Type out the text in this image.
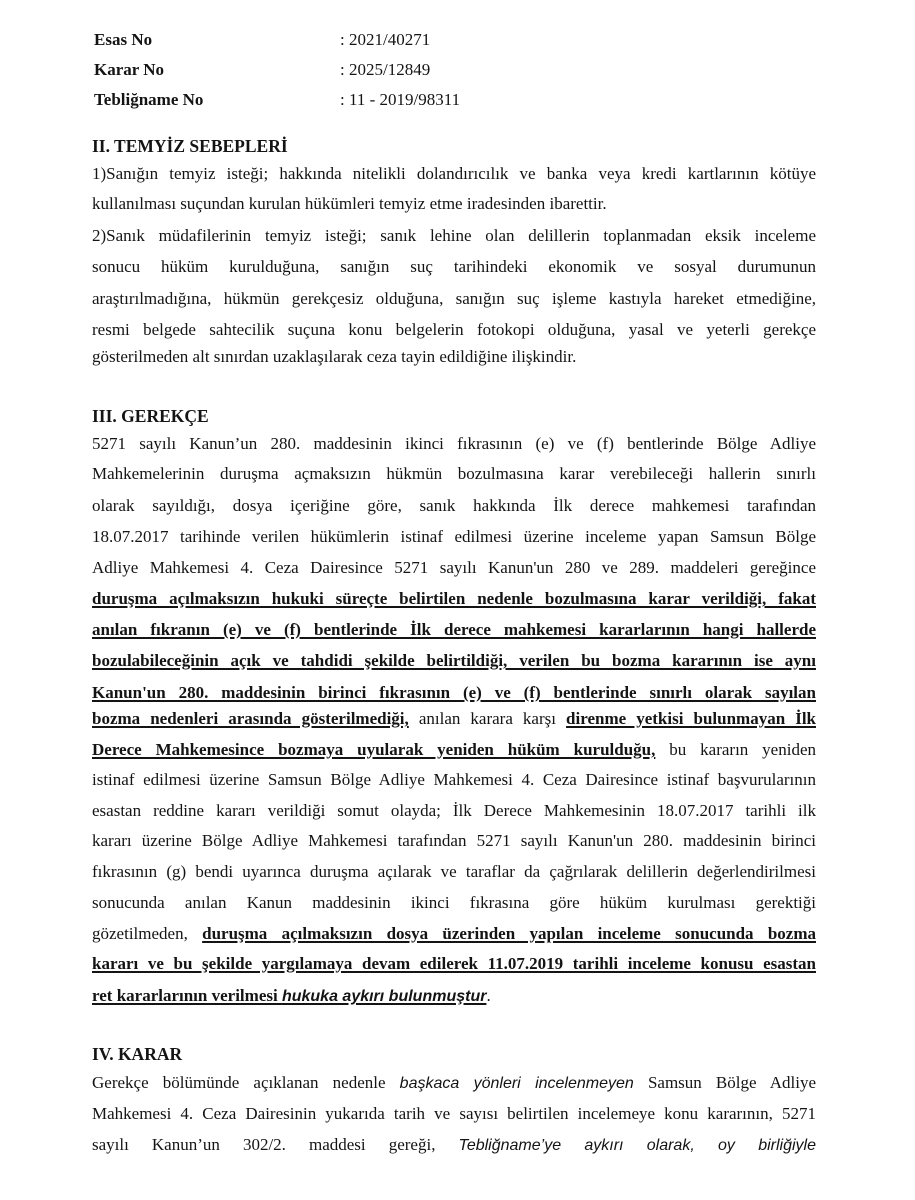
Esas No	: 2021/40271
Karar No	: 2025/12849
Tebliğname No	: 11 - 2019/98311
II. TEMYİZ SEBEPLERİ
1)Sanığın temyiz isteği; hakkında nitelikli dolandırıcılık ve banka veya kredi kartlarının kötüye
kullanılması suçundan kurulan hükümleri temyiz etme iradesinden ibarettir.
2)Sanık müdafilerinin temyiz isteği; sanık lehine olan delillerin toplanmadan eksik inceleme
sonucu hüküm kurulduğuna, sanığın suç tarihindeki ekonomik ve sosyal durumunun
araştırılmadığına, hükmün gerekçesiz olduğuna, sanığın suç işleme kastıyla hareket etmediğine,
resmi belgede sahtecilik suçuna konu belgelerin fotokopi olduğuna, yasal ve yeterli gerekçe
gösterilmeden alt sınırdan uzaklaşılarak ceza tayin edildiğine ilişkindir.
III. GEREKÇE
5271 sayılı Kanun’un 280. maddesinin ikinci fıkrasının (e) ve (f) bentlerinde Bölge Adliye
Mahkemelerinin duruşma açmaksızın hükmün bozulmasına karar verebileceği hallerin sınırlı
olarak sayıldığı, dosya içeriğine göre, sanık hakkında İlk derece mahkemesi tarafından
18.07.2017 tarihinde verilen hükümlerin istinaf edilmesi üzerine inceleme yapan Samsun Bölge
Adliye Mahkemesi 4. Ceza Dairesince 5271 sayılı Kanun'un 280 ve 289. maddeleri gereğince
duruşma açılmaksızın hukuki süreçte belirtilen nedenle bozulmasına karar verildiği, fakat
anılan fıkranın (e) ve (f) bentlerinde İlk derece mahkemesi kararlarının hangi hallerde
bozulabileceğinin açık ve tahdidi şekilde belirtildiği, verilen bu bozma kararının ise aynı
Kanun'un 280. maddesinin birinci fıkrasının (e) ve (f) bentlerinde sınırlı olarak sayılan
bozma nedenleri arasında gösterilmediği, anılan karara karşı direnme yetkisi bulunmayan İlk
Derece Mahkemesince bozmaya uyularak yeniden hüküm kurulduğu, bu kararın yeniden
istinaf edilmesi üzerine Samsun Bölge Adliye Mahkemesi 4. Ceza Dairesince istinaf başvurularının
esastan reddine kararı verildiği somut olayda; İlk Derece Mahkemesinin 18.07.2017 tarihli ilk
kararı üzerine Bölge Adliye Mahkemesi tarafından 5271 sayılı Kanun'un 280. maddesinin birinci
fıkrasının (g) bendi uyarınca duruşma açılarak ve taraflar da çağrılarak delillerin değerlendirilmesi
sonucunda anılan Kanun maddesinin ikinci fıkrasına göre hüküm kurulması gerektiği
gözetilmeden, duruşma açılmaksızın dosya üzerinden yapılan inceleme sonucunda bozma
kararı ve bu şekilde yargılamaya devam edilerek 11.07.2019 tarihli inceleme konusu esastan
ret kararlarının verilmesi hukuka aykırı bulunmuştur.
IV. KARAR
Gerekçe bölümünde açıklanan nedenle başkaca yönleri incelenmeyen Samsun Bölge Adliye
Mahkemesi 4. Ceza Dairesinin yukarıda tarih ve sayısı belirtilen incelemeye konu kararının, 5271
sayılı Kanun’un 302/2. maddesi gereği, Tebliğname’ye aykırı olarak, oy birliğiyle
